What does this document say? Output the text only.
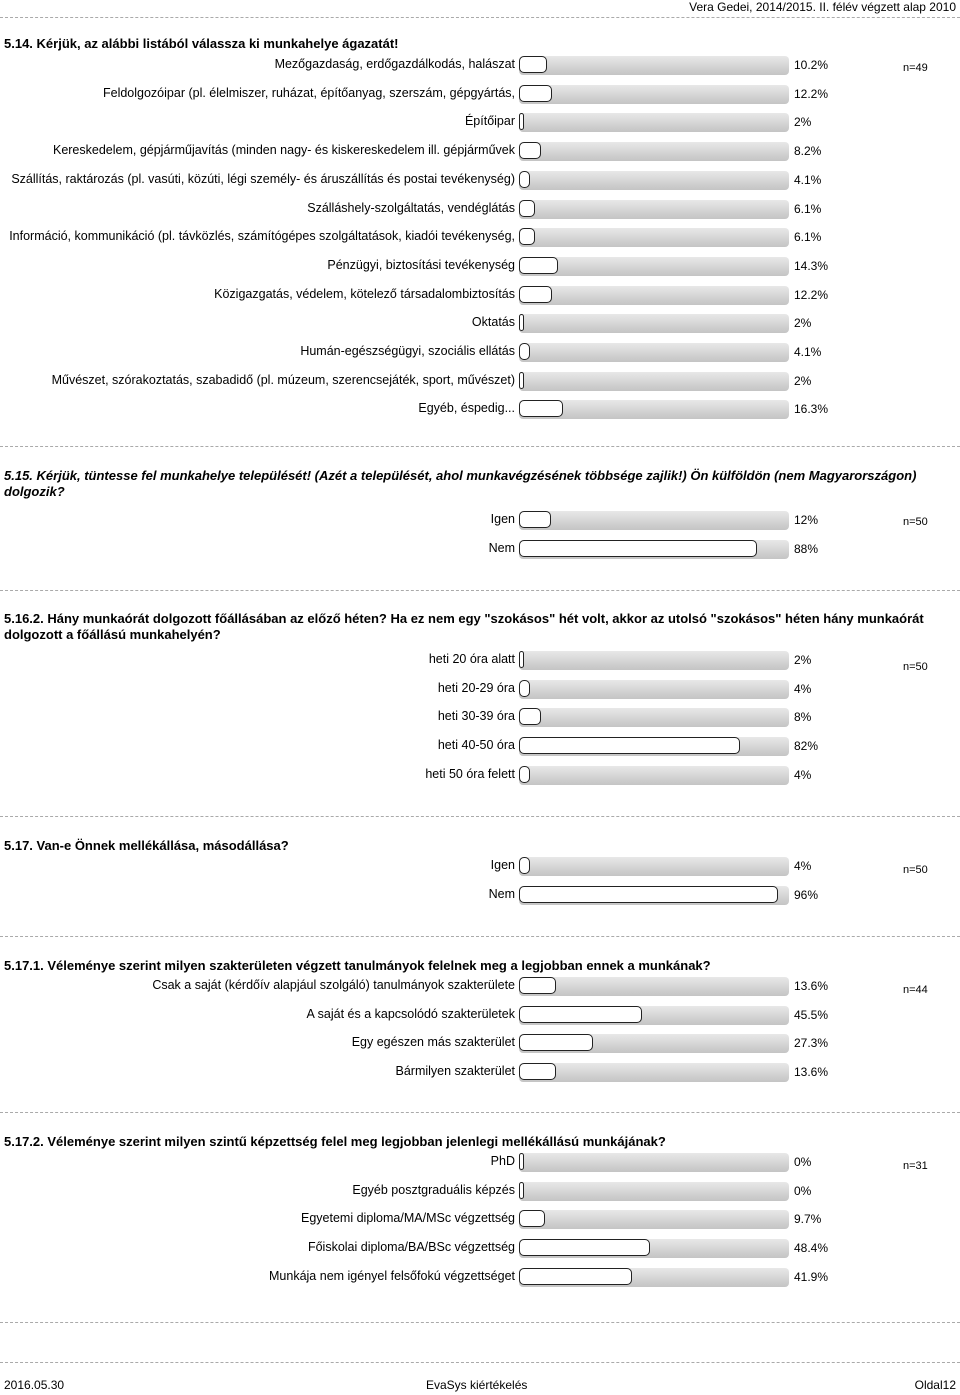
Vera Gedei, 2014/2015. II. félév végzett alap 2010
5.14. Kérjük, az alábbi listából válassza ki munkahelye ágazatát!
n=49
Mezőgazdaság, erdőgazdálkodás, halászat	10.2%
Feldolgozóipar (pl. élelmiszer, ruházat, építőanyag, szerszám, gépgyártás,	12.2%
Építőipar	2%
Kereskedelem, gépjárműjavítás (minden nagy- és kiskereskedelem ill. gépjárművek	8.2%
Szállítás, raktározás (pl. vasúti, közúti, légi személy- és áruszállítás és postai tevékenység)	4.1%
Szálláshely-szolgáltatás, vendéglátás	6.1%
Információ, kommunikáció (pl. távközlés, számítógépes szolgáltatások, kiadói tevékenység,	6.1%
Pénzügyi, biztosítási tevékenység	14.3%
Közigazgatás, védelem, kötelező társadalombiztosítás	12.2%
Oktatás	2%
Humán-egészségügyi, szociális ellátás	4.1%
Művészet, szórakoztatás, szabadidő (pl. múzeum, szerencsejáték, sport, művészet)	2%
Egyéb, éspedig...	16.3%
5.15. Kérjük, tüntesse fel munkahelye települését! (Azét a települését, ahol munkavégzésének többsége zajlik!) Ön külföldön (nem Magyarországon) dolgozik?
n=50
Igen	12%
Nem	88%
5.16.2. Hány munkaórát dolgozott főállásában az előző héten? Ha ez nem egy "szokásos" hét volt, akkor az utolsó "szokásos" héten hány munkaórát dolgozott a főállású munkahelyén?
n=50
heti 20 óra alatt	2%
heti 20-29 óra	4%
heti 30-39 óra	8%
heti 40-50 óra	82%
heti 50 óra felett	4%
5.17. Van-e Önnek mellékállása, másodállása?
n=50
Igen	4%
Nem	96%
5.17.1. Véleménye szerint milyen szakterületen végzett tanulmányok felelnek meg a legjobban ennek a munkának?
n=44
Csak a saját (kérdőív alapjául szolgáló) tanulmányok szakterülete	13.6%
A saját és a kapcsolódó szakterületek	45.5%
Egy egészen más szakterület	27.3%
Bármilyen szakterület	13.6%
5.17.2. Véleménye szerint milyen szintű képzettség felel meg legjobban jelenlegi mellékállású munkájának?
n=31
PhD	0%
Egyéb posztgraduális képzés	0%
Egyetemi diploma/MA/MSc végzettség	9.7%
Főiskolai diploma/BA/BSc végzettség	48.4%
Munkája nem igényel felsőfokú végzettséget	41.9%
2016.05.30	EvaSys kiértékelés	Oldal12
